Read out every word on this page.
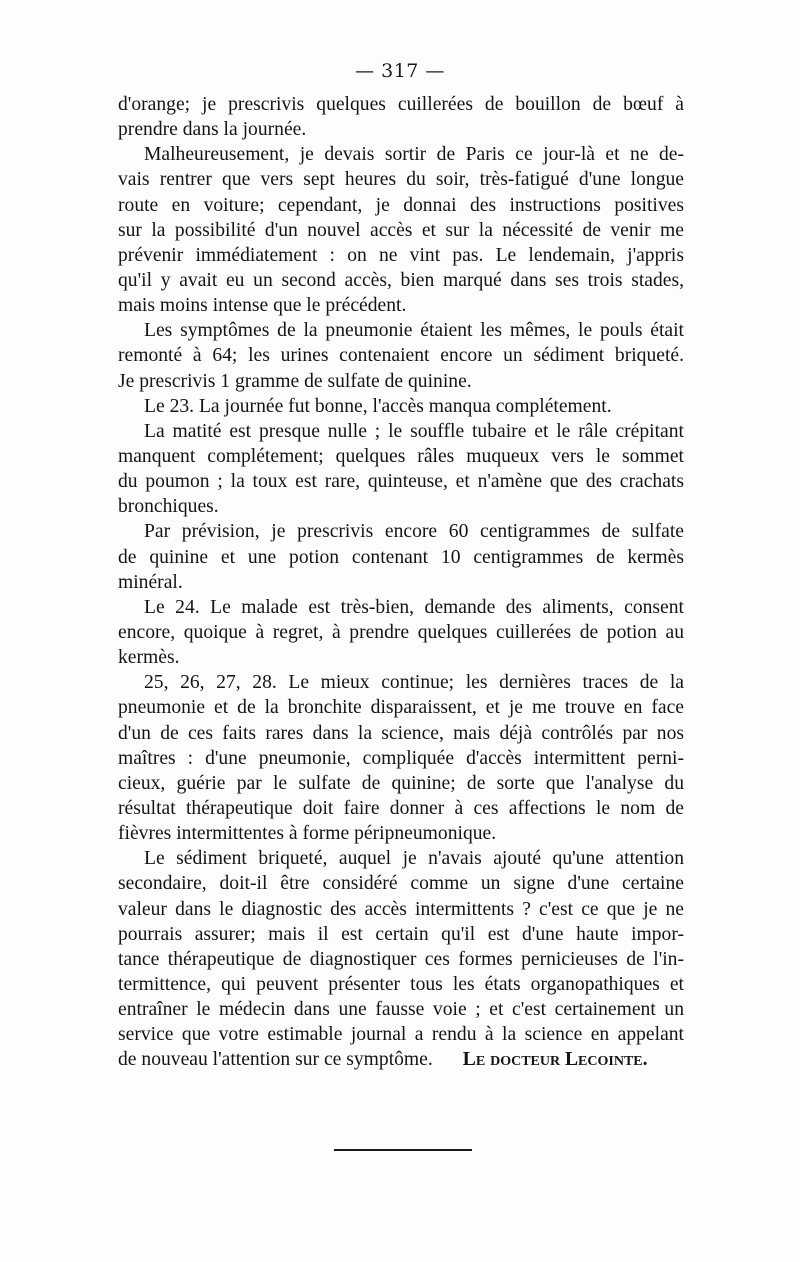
— 317 —
d'orange; je prescrivis quelques cuillerées de bouillon de bœuf à
prendre dans la journée.
Malheureusement, je devais sortir de Paris ce jour-là et ne de-
vais rentrer que vers sept heures du soir, très-fatigué d'une longue
route en voiture; cependant, je donnai des instructions positives
sur la possibilité d'un nouvel accès et sur la nécessité de venir me
prévenir immédiatement : on ne vint pas. Le lendemain, j'appris
qu'il y avait eu un second accès, bien marqué dans ses trois stades,
mais moins intense que le précédent.
Les symptômes de la pneumonie étaient les mêmes, le pouls était
remonté à 64; les urines contenaient encore un sédiment briqueté.
Je prescrivis 1 gramme de sulfate de quinine.
Le 23. La journée fut bonne, l'accès manqua complétement.
La matité est presque nulle ; le souffle tubaire et le râle crépitant
manquent complétement; quelques râles muqueux vers le sommet
du poumon ; la toux est rare, quinteuse, et n'amène que des crachats
bronchiques.
Par prévision, je prescrivis encore 60 centigrammes de sulfate
de quinine et une potion contenant 10 centigrammes de kermès
minéral.
Le 24. Le malade est très-bien, demande des aliments, consent
encore, quoique à regret, à prendre quelques cuillerées de potion au
kermès.
25, 26, 27, 28. Le mieux continue; les dernières traces de la
pneumonie et de la bronchite disparaissent, et je me trouve en face
d'un de ces faits rares dans la science, mais déjà contrôlés par nos
maîtres : d'une pneumonie, compliquée d'accès intermittent perni-
cieux, guérie par le sulfate de quinine; de sorte que l'analyse du
résultat thérapeutique doit faire donner à ces affections le nom de
fièvres intermittentes à forme péripneumonique.
Le sédiment briqueté, auquel je n'avais ajouté qu'une attention
secondaire, doit-il être considéré comme un signe d'une certaine
valeur dans le diagnostic des accès intermittents ? c'est ce que je ne
pourrais assurer; mais il est certain qu'il est d'une haute impor-
tance thérapeutique de diagnostiquer ces formes pernicieuses de l'in-
termittence, qui peuvent présenter tous les états organopathiques et
entraîner le médecin dans une fausse voie ; et c'est certainement un
service que votre estimable journal a rendu à la science en appelant
de nouveau l'attention sur ce symptôme. Le docteur Lecointe.
